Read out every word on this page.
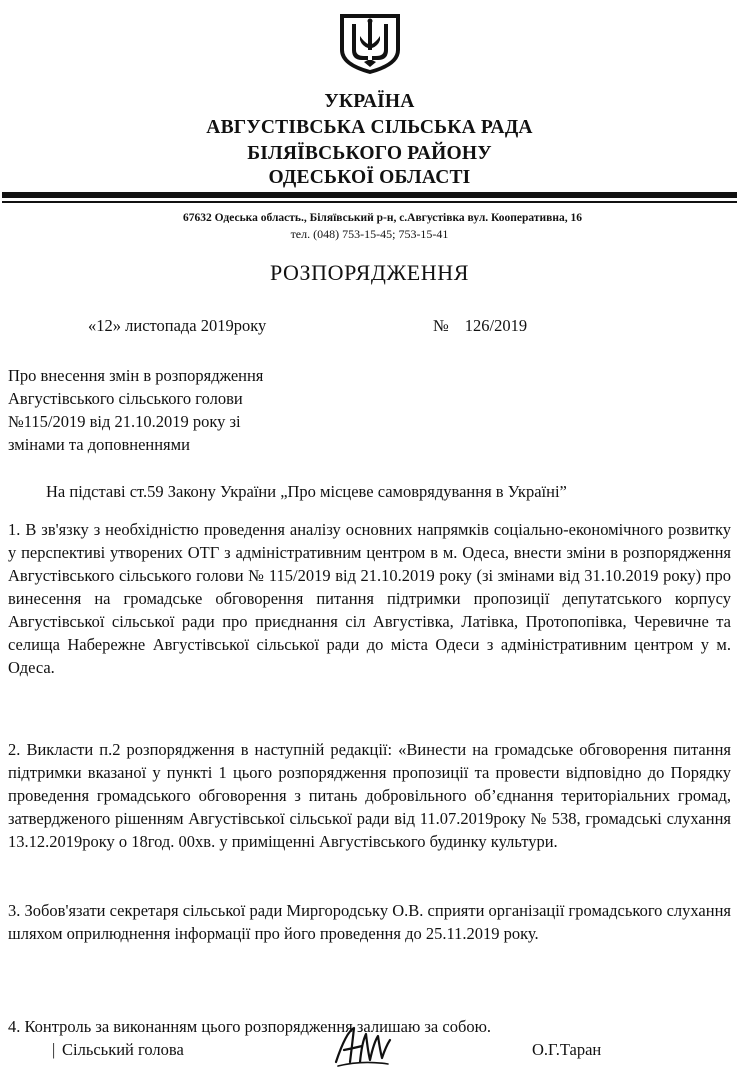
УКРАЇНА
АВГУСТІВСЬКА СІЛЬСЬКА РАДА
БІЛЯЇВСЬКОГО РАЙОНУ
ОДЕСЬКОЇ ОБЛАСТІ
67632 Одеська область., Біляївський р-н, с.Августівка вул. Кооперативна, 16
тел. (048) 753-15-45; 753-15-41
РОЗПОРЯДЖЕННЯ
«12» листопада 2019року	№ 126/2019
Про внесення змін в розпорядження
Августівського сільського голови
№115/2019 від 21.10.2019 року зі
змінами та доповненнями
На підставі ст.59 Закону України „Про місцеве самоврядування в Україні”
1. В зв'язку з необхідністю проведення аналізу основних напрямків соціально-економічного розвитку у перспективі утворених ОТГ з адміністративним центром в м. Одеса, внести зміни в розпорядження Августівського сільського голови № 115/2019 від 21.10.2019 року (зі змінами від 31.10.2019 року) про винесення на громадське обговорення питання підтримки пропозиції депутатського корпусу Августівської сільської ради про приєднання сіл Августівка, Латівка, Протопопівка, Черевичне та селища Набережне Августівської сільської ради до міста Одеси з адміністративним центром у м. Одеса.
2. Викласти п.2 розпорядження в наступній редакції: «Винести на громадське обговорення питання підтримки вказаної у пункті 1 цього розпорядження пропозиції та провести відповідно до Порядку проведення громадського обговорення з питань добровільного об’єднання територіальних громад, затвердженого рішенням Августівської сільської ради від 11.07.2019року № 538, громадські слухання 13.12.2019року о 18год. 00хв. у приміщенні Августівського будинку культури.
3. Зобов'язати секретаря сільської ради Миргородську О.В. сприяти організації громадського слухання шляхом оприлюднення інформації про його проведення до 25.11.2019 року.
4. Контроль за виконанням цього розпорядження залишаю за собою.
| Сільський голова	О.Г.Таран
